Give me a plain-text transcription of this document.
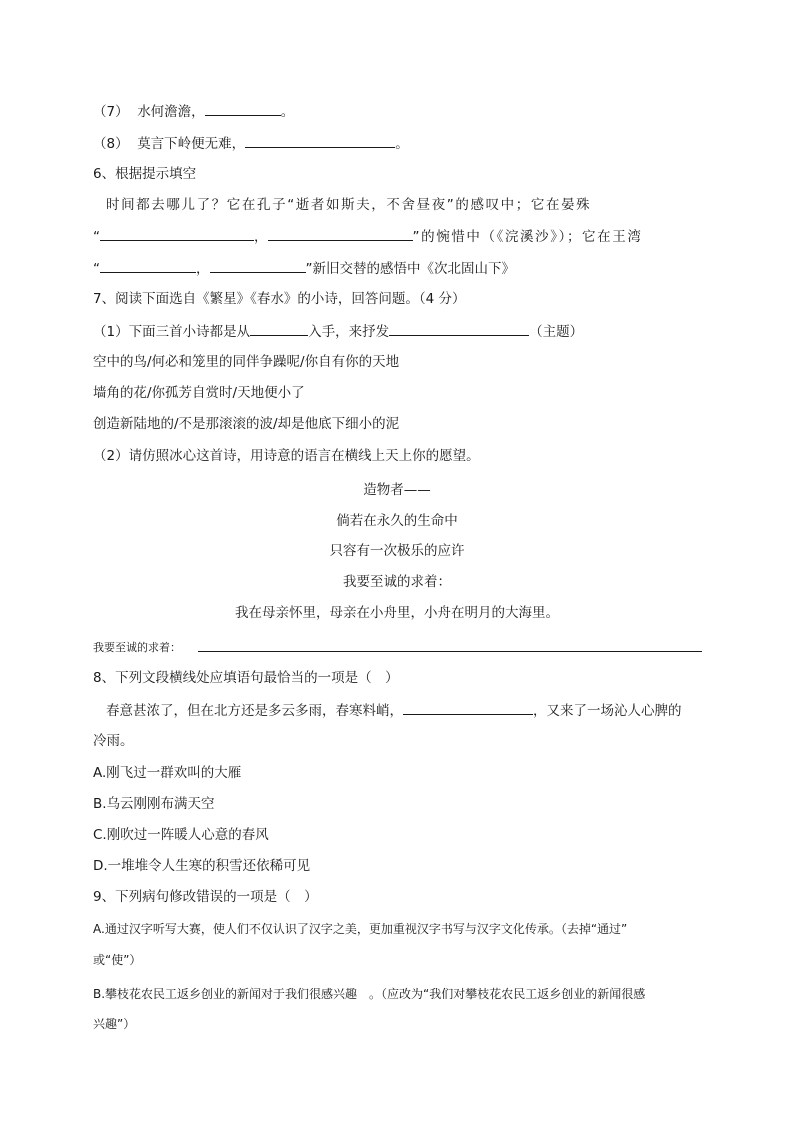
（7） 水何澹澹，	。
（8） 莫言下岭便无难，	。
6、根据提示填空
时间都去哪儿了？它在孔子“逝者如斯夫，不舍昼夜”的感叹中；它在晏殊
“	，	”的惋惜中（《浣溪沙》）；它在王湾
“	，	”新旧交替的感悟中《次北固山下》
7、阅读下面选自《繁星》《春水》的小诗，回答问题。（4 分）
（1）下面三首小诗都是从	入手，来抒发	（主题）
空中的鸟/何必和笼里的同伴争躁呢/你自有你的天地
墙角的花/你孤芳自赏时/天地便小了
创造新陆地的/不是那滚滚的波/却是他底下细小的泥
（2）请仿照冰心这首诗，用诗意的语言在横线上天上你的愿望。
造物者——
倘若在永久的生命中
只容有一次极乐的应许
我要至诚的求着：
我在母亲怀里，母亲在小舟里，小舟在明月的大海里。
我要至诚的求着：
8、下列文段横线处应填语句最恰当的一项是（　）
春意甚浓了，但在北方还是多云多雨，春寒料峭，	，又来了一场沁人心脾的
冷雨。
A.刚飞过一群欢叫的大雁
B.乌云刚刚布满天空
C.刚吹过一阵暖人心意的春风
D.一堆堆令人生寒的积雪还依稀可见
9、下列病句修改错误的一项是（　）
A.通过汉字听写大赛，使人们不仅认识了汉字之美，更加重视汉字书写与汉字文化传承。（去掉“通过”
或“使”）
B.攀枝花农民工返乡创业的新闻对于我们很感兴趣　。（应改为“我们对攀枝花农民工返乡创业的新闻很感
兴趣”）
